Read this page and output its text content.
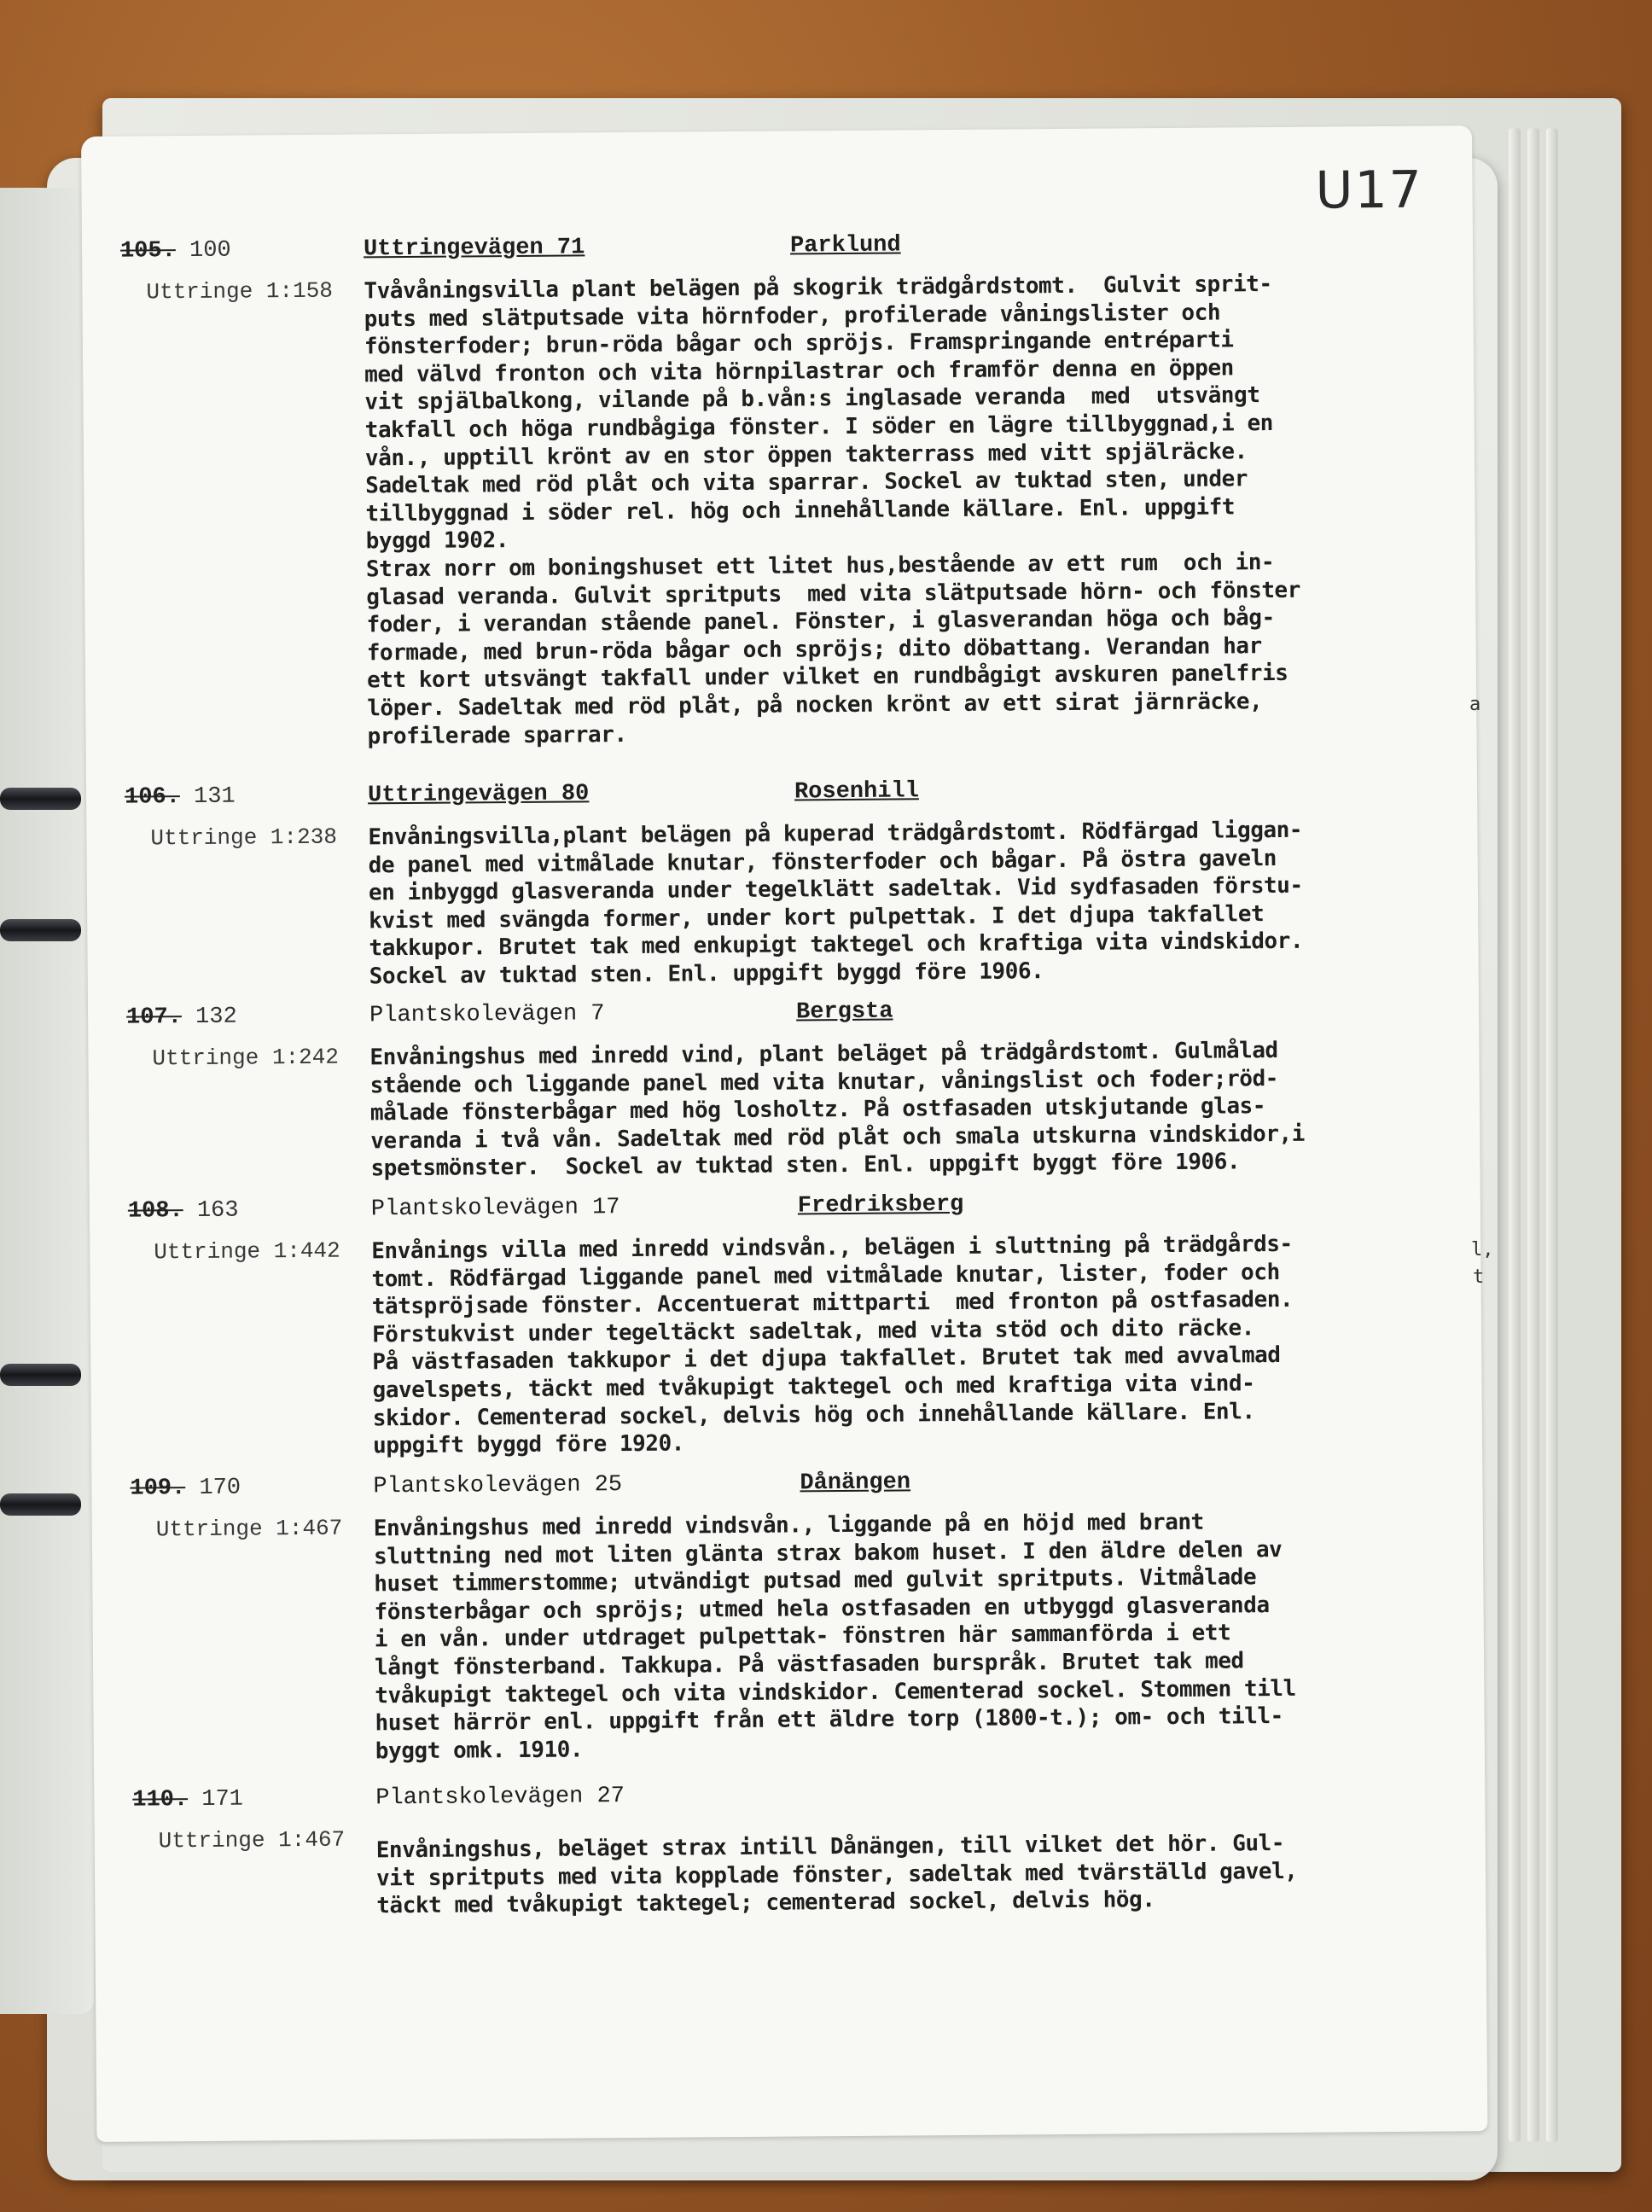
U17
105. 100
Uttringe 1:158
Uttringevägen 71	Parklund
Tvåvåningsvilla plant belägen på skogrik trädgårdstomt.  Gulvit sprit-
puts med slätputsade vita hörnfoder, profilerade våningslister och
fönsterfoder; brun-röda bågar och spröjs. Framspringande entréparti
med välvd fronton och vita hörnpilastrar och framför denna en öppen
vit spjälbalkong, vilande på b.vån:s inglasade veranda  med  utsvängt
takfall och höga rundbågiga fönster. I söder en lägre tillbyggnad,i en
vån., upptill krönt av en stor öppen takterrass med vitt spjälräcke.
Sadeltak med röd plåt och vita sparrar. Sockel av tuktad sten, under
tillbyggnad i söder rel. hög och innehållande källare. Enl. uppgift
byggd 1902.
Strax norr om boningshuset ett litet hus,bestående av ett rum  och in-
glasad veranda. Gulvit spritputs  med vita slätputsade hörn- och fönster
foder, i verandan stående panel. Fönster, i glasverandan höga och båg-
formade, med brun-röda bågar och spröjs; dito döbattang. Verandan har
ett kort utsvängt takfall under vilket en rundbågigt avskuren panelfris
löper. Sadeltak med röd plåt, på nocken krönt av ett sirat järnräcke,
profilerade sparrar.
106. 131
Uttringe 1:238
Uttringevägen 80	Rosenhill
Envåningsvilla,plant belägen på kuperad trädgårdstomt. Rödfärgad liggan-
de panel med vitmålade knutar, fönsterfoder och bågar. På östra gaveln
en inbyggd glasveranda under tegelklätt sadeltak. Vid sydfasaden förstu-
kvist med svängda former, under kort pulpettak. I det djupa takfallet
takkupor. Brutet tak med enkupigt taktegel och kraftiga vita vindskidor.
Sockel av tuktad sten. Enl. uppgift byggd före 1906.
107. 132
Uttringe 1:242
Plantskolevägen 7	Bergsta
Envåningshus med inredd vind, plant beläget på trädgårdstomt. Gulmålad
stående och liggande panel med vita knutar, våningslist och foder;röd-
målade fönsterbågar med hög losholtz. På ostfasaden utskjutande glas-
veranda i två vån. Sadeltak med röd plåt och smala utskurna vindskidor,i
spetsmönster.  Sockel av tuktad sten. Enl. uppgift byggt före 1906.
108. 163
Uttringe 1:442
Plantskolevägen 17	Fredriksberg
Envånings villa med inredd vindsvån., belägen i sluttning på trädgårds-
tomt. Rödfärgad liggande panel med vitmålade knutar, lister, foder och
tätspröjsade fönster. Accentuerat mittparti  med fronton på ostfasaden.
Förstukvist under tegeltäckt sadeltak, med vita stöd och dito räcke.
På västfasaden takkupor i det djupa takfallet. Brutet tak med avvalmad
gavelspets, täckt med tvåkupigt taktegel och med kraftiga vita vind-
skidor. Cementerad sockel, delvis hög och innehållande källare. Enl.
uppgift byggd före 1920.
109. 170
Uttringe 1:467
Plantskolevägen 25	Dånängen
Envåningshus med inredd vindsvån., liggande på en höjd med brant
sluttning ned mot liten glänta strax bakom huset. I den äldre delen av
huset timmerstomme; utvändigt putsad med gulvit spritputs. Vitmålade
fönsterbågar och spröjs; utmed hela ostfasaden en utbyggd glasveranda
i en vån. under utdraget pulpettak- fönstren här sammanförda i ett
långt fönsterband. Takkupa. På västfasaden burspråk. Brutet tak med
tvåkupigt taktegel och vita vindskidor. Cementerad sockel. Stommen till
huset härrör enl. uppgift från ett äldre torp (1800-t.); om- och till-
byggt omk. 1910.
110. 171
Uttringe 1:467
Plantskolevägen 27
Envåningshus, beläget strax intill Dånängen, till vilket det hör. Gul-
vit spritputs med vita kopplade fönster, sadeltak med tvärställd gavel,
täckt med tvåkupigt taktegel; cementerad sockel, delvis hög.
a
l,
t
